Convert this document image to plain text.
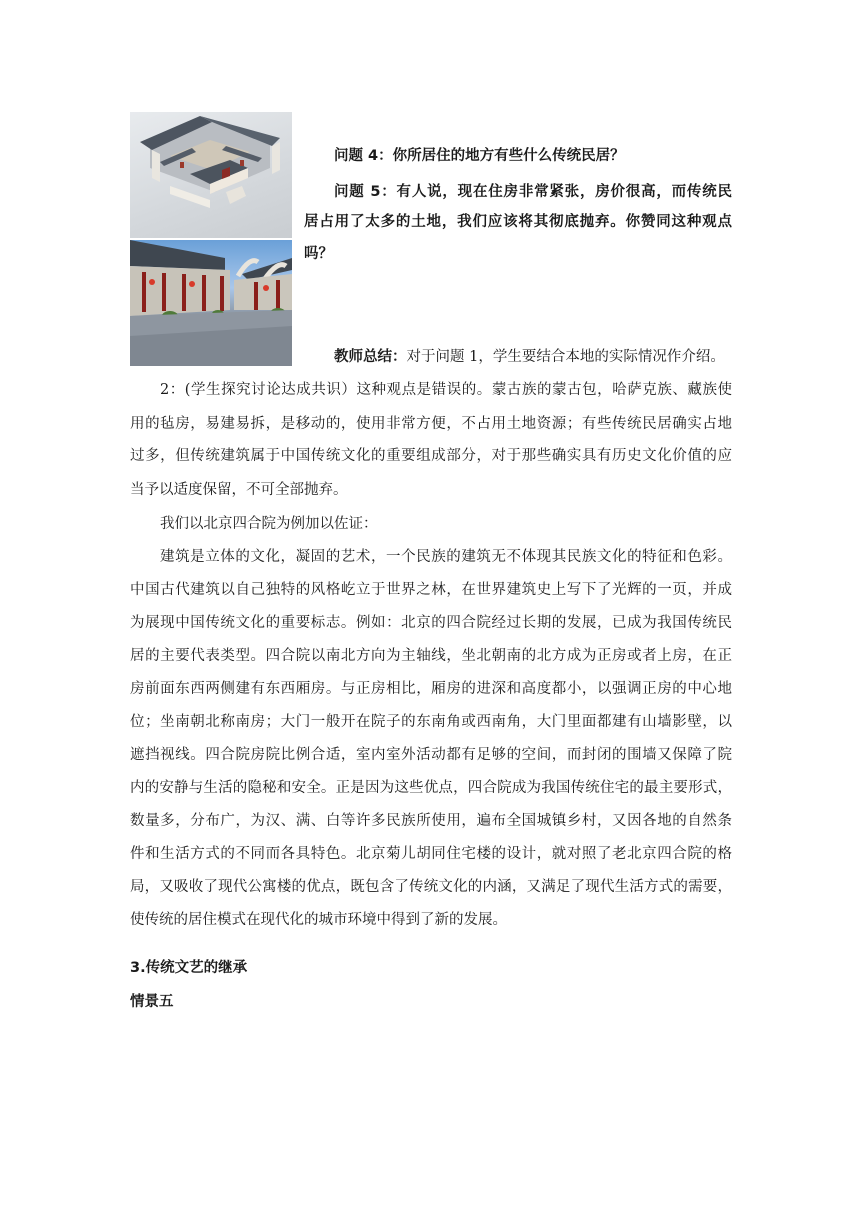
问题 4：你所居住的地方有些什么传统民居？
问题 5：有人说，现在住房非常紧张，房价很高，而传统民
居占用了太多的土地，我们应该将其彻底抛弃。你赞同这种观点
吗？
教师总结：对于问题 1，学生要结合本地的实际情况作介绍。
2：(学生探究讨论达成共识）这种观点是错误的。蒙古族的蒙古包，哈萨克族、藏族使
用的毡房，易建易拆，是移动的，使用非常方便，不占用土地资源；有些传统民居确实占地
过多，但传统建筑属于中国传统文化的重要组成部分，对于那些确实具有历史文化价值的应
当予以适度保留，不可全部抛弃。
我们以北京四合院为例加以佐证：
建筑是立体的文化，凝固的艺术，一个民族的建筑无不体现其民族文化的特征和色彩。
中国古代建筑以自己独特的风格屹立于世界之林，在世界建筑史上写下了光辉的一页，并成
为展现中国传统文化的重要标志。例如：北京的四合院经过长期的发展，已成为我国传统民
居的主要代表类型。四合院以南北方向为主轴线，坐北朝南的北方成为正房或者上房，在正
房前面东西两侧建有东西厢房。与正房相比，厢房的进深和高度都小，以强调正房的中心地
位；坐南朝北称南房；大门一般开在院子的东南角或西南角，大门里面都建有山墙影壁，以
遮挡视线。四合院房院比例合适，室内室外活动都有足够的空间，而封闭的围墙又保障了院
内的安静与生活的隐秘和安全。正是因为这些优点，四合院成为我国传统住宅的最主要形式，
数量多，分布广，为汉、满、白等许多民族所使用，遍布全国城镇乡村，又因各地的自然条
件和生活方式的不同而各具特色。北京菊儿胡同住宅楼的设计，就对照了老北京四合院的格
局，又吸收了现代公寓楼的优点，既包含了传统文化的内涵，又满足了现代生活方式的需要，
使传统的居住模式在现代化的城市环境中得到了新的发展。
3.传统文艺的继承
情景五
